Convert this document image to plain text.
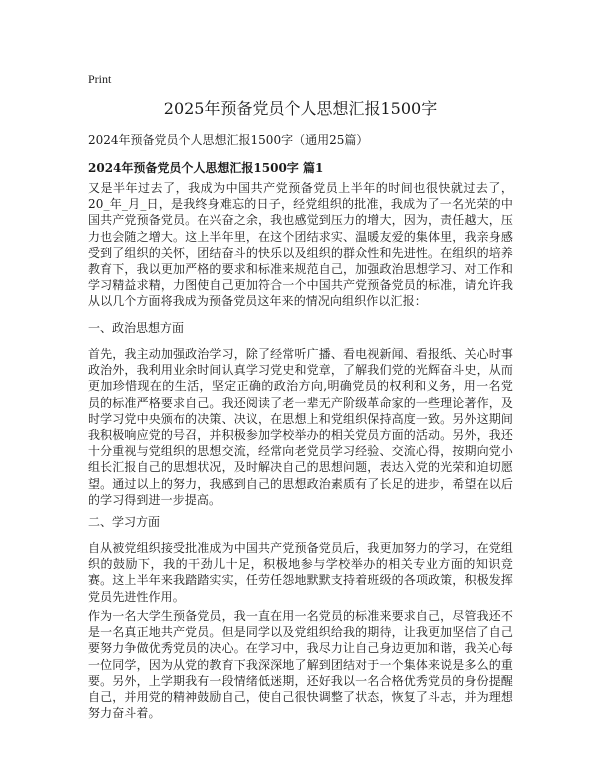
Print
2025年预备党员个人思想汇报1500字

2024年预备党员个人思想汇报1500字（通用25篇）

2024年预备党员个人思想汇报1500字 篇1

又是半年过去了，我成为中国共产党预备党员上半年的时间也很快就过去了，20_年_月_日，是我终身难忘的日子，经党组织的批准，我成为了一名光荣的中国共产党预备党员。在兴奋之余，我也感觉到压力的增大，因为，责任越大，压力也会随之增大。这上半年里，在这个团结求实、温暖友爱的集体里，我亲身感受到了组织的关怀，团结奋斗的快乐以及组织的群众性和先进性。在组织的培养教育下，我以更加严格的要求和标准来规范自己，加强政治思想学习、对工作和学习精益求精，力图使自己更加符合一个中国共产党预备党员的标准，请允许我从以几个方面将我成为预备党员这年来的情况向组织作以汇报：

一、政治思想方面

首先，我主动加强政治学习，除了经常听广播、看电视新闻、看报纸、关心时事政治外，我利用业余时间认真学习党史和党章，了解我们党的光辉奋斗史，从而更加珍惜现在的生活，坚定正确的政治方向,明确党员的权利和义务，用一名党员的标准严格要求自己。我还阅读了老一辈无产阶级革命家的一些理论著作，及时学习党中央颁布的决策、决议，在思想上和党组织保持高度一致。另外这期间我积极响应党的号召，并积极参加学校举办的相关党员方面的活动。另外，我还十分重视与党组织的思想交流，经常向老党员学习经验、交流心得，按期向党小组长汇报自己的思想状况，及时解决自己的思想问题，表达入党的光荣和迫切愿望。通过以上的努力，我感到自己的思想政治素质有了长足的进步，希望在以后的学习得到进一步提高。

二、学习方面

自从被党组织接受批准成为中国共产党预备党员后，我更加努力的学习，在党组织的鼓励下，我的干劲儿十足，积极地参与学校举办的相关专业方面的知识竞赛。这上半年来我踏踏实实，任劳任怨地默默支持着班级的各项政策，积极发挥党员先进性作用。

作为一名大学生预备党员，我一直在用一名党员的标准来要求自己，尽管我还不是一名真正地共产党员。但是同学以及党组织给我的期待，让我更加坚信了自己要努力争做优秀党员的决心。在学习中，我尽力让自己身边更加和谐，我关心每一位同学，因为从党的教育下我深深地了解到团结对于一个集体来说是多么的重要。另外，上学期我有一段情绪低迷期，还好我以一名合格优秀党员的身份提醒自己，并用党的精神鼓励自己，使自己很快调整了状态，恢复了斗志，并为理想努力奋斗着。
